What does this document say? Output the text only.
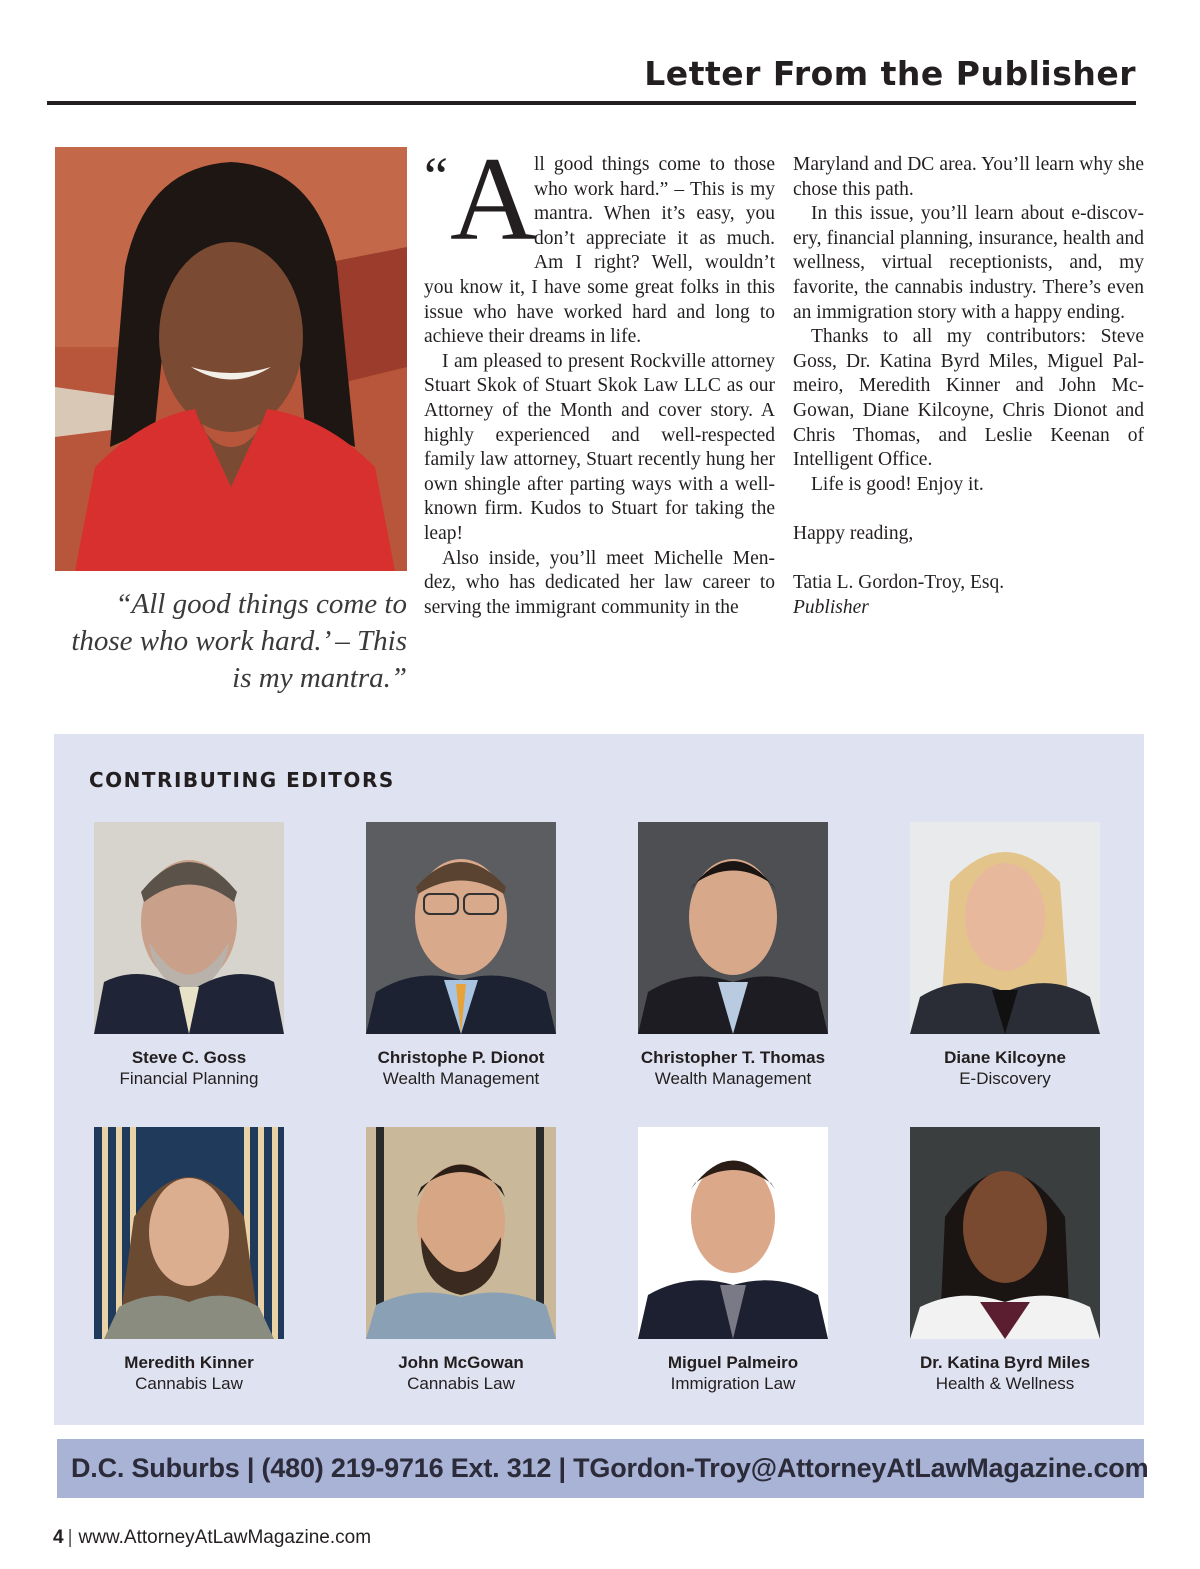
Letter From the Publisher
“All good things come to those who work hard.’ – This is my mantra.”
“ A

ll good things come to those who work hard.” – This is my mantra. When it’s easy, you don’t appreciate it as much. Am I right? Well, wouldn’t you know it, I have some great folks in this issue who have worked hard and long to achieve their dreams in life.

I am pleased to present Rockville attorney Stuart Skok of Stuart Skok Law LLC as our Attorney of the Month and cover story. A highly experienced and well-respected family law attorney, Stuart recently hung her own shingle after parting ways with a well-known firm. Kudos to Stuart for taking the leap!

Also inside, you’ll meet Michelle Mendez, who has dedicated her law career to serving the immigrant community in the

Maryland and DC area. You’ll learn why she chose this path.

In this issue, you’ll learn about e-discovery, financial planning, insurance, health and wellness, virtual receptionists, and, my favorite, the cannabis industry. There’s even an immigration story with a happy ending.

Thanks to all my contributors: Steve Goss, Dr. Katina Byrd Miles, Miguel Palmeiro, Meredith Kinner and John McGowan, Diane Kilcoyne, Chris Dionot and Chris Thomas, and Leslie Keenan of Intelligent Office.

Life is good! Enjoy it.

Happy reading,

Tatia L. Gordon-Troy, Esq.

Publisher

CONTRIBUTING EDITORS
Steve C. Goss
Financial Planning
Christophe P. Dionot
Wealth Management
Christopher T. Thomas
Wealth Management
Diane Kilcoyne
E-Discovery
Meredith Kinner
Cannabis Law
John McGowan
Cannabis Law
Miguel Palmeiro
Immigration Law
Dr. Katina Byrd Miles
Health & Wellness
D.C. Suburbs | (480) 219-9716 Ext. 312 | TGordon-Troy@AttorneyAtLawMagazine.com
4 | www.AttorneyAtLawMagazine.com
